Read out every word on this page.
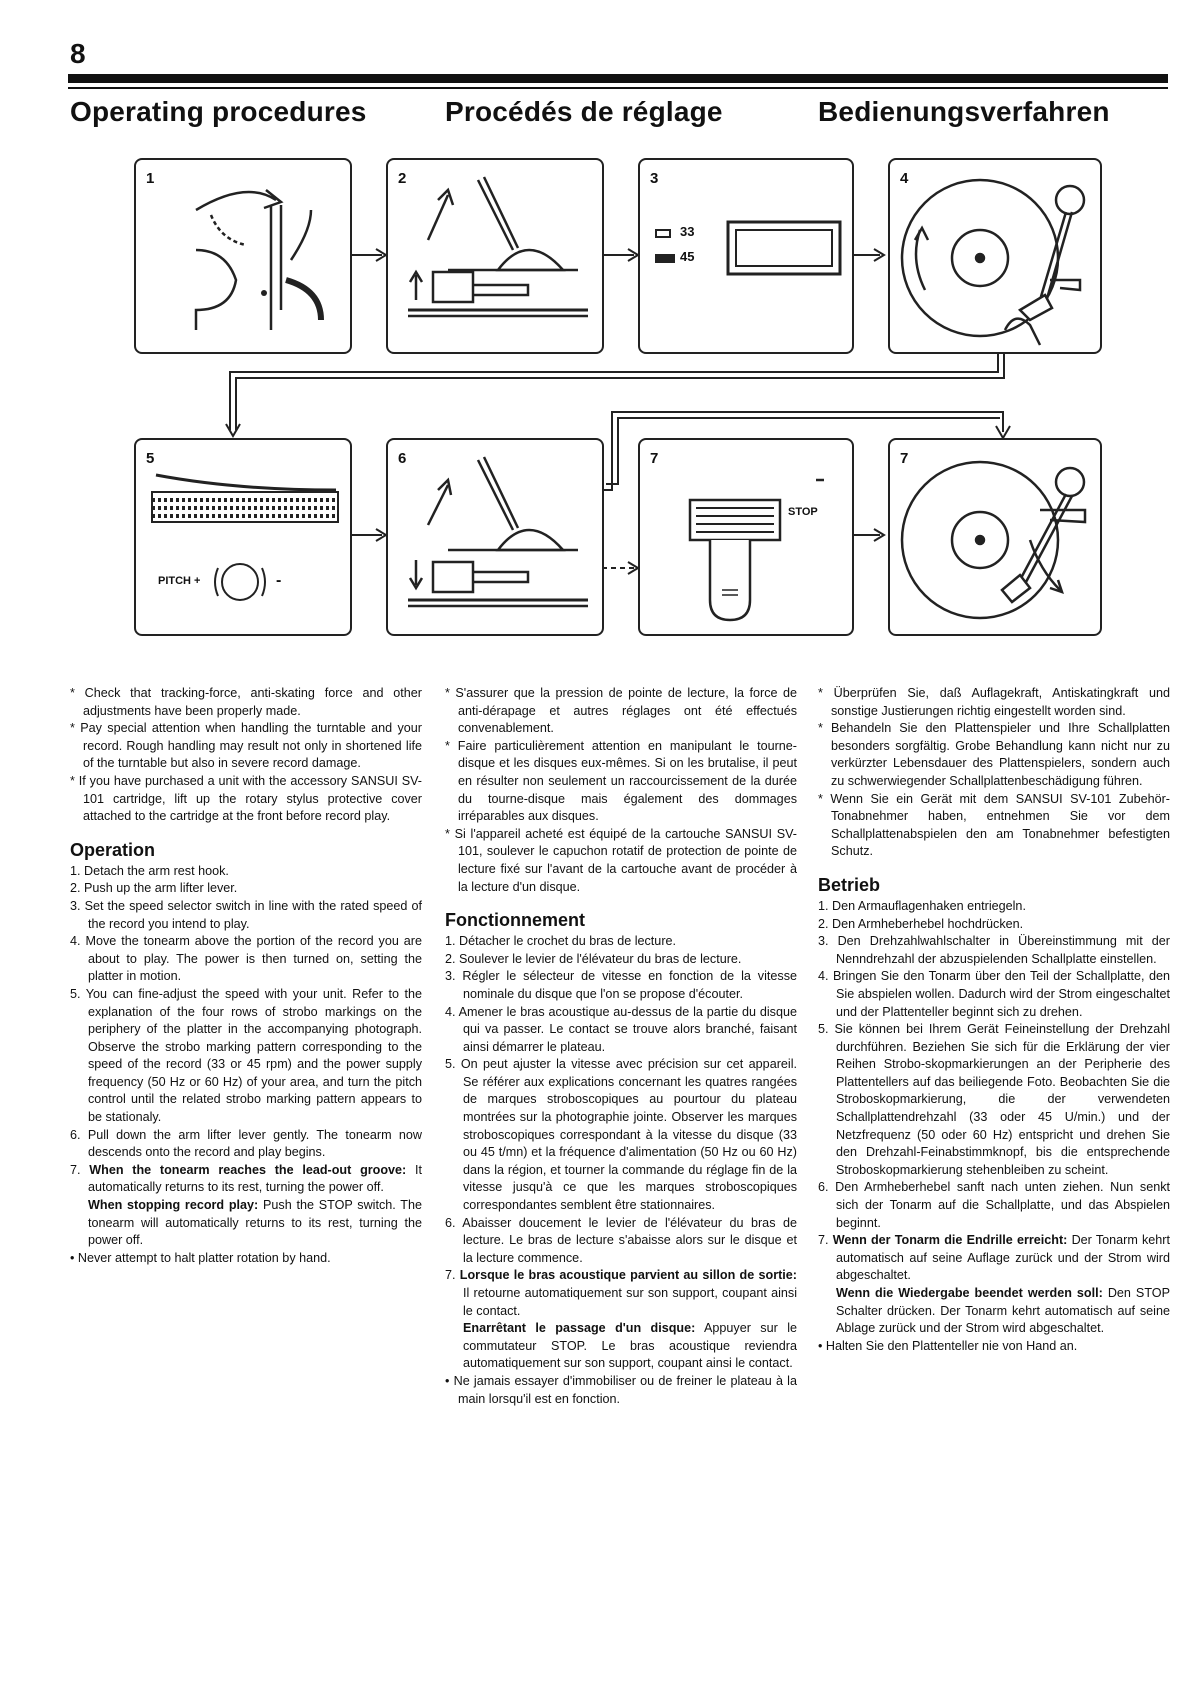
8
Operating procedures	Procédés de réglage	Bedienungsverfahren
1	2	3
33
45
4
5
PITCH +	-
6	7
STOP
7

* Check that tracking-force, anti-skating force and other adjustments have been properly made.

* Pay special attention when handling the turntable and your record. Rough handling may result not only in shortened life of the turntable but also in severe record damage.

* If you have purchased a unit with the accessory SANSUI SV-101 cartridge, lift up the rotary stylus protective cover attached to the cartridge at the front before record play.

Operation

1. Detach the arm rest hook.

2. Push up the arm lifter lever.

3. Set the speed selector switch in line with the rated speed of the record you intend to play.

4. Move the tonearm above the portion of the record you are about to play. The power is then turned on, setting the platter in motion.

5. You can fine-adjust the speed with your unit. Refer to the explanation of the four rows of strobo markings on the periphery of the platter in the accompanying photograph. Observe the strobo marking pattern corresponding to the speed of the record (33 or 45 rpm) and the power supply frequency (50 Hz or 60 Hz) of your area, and turn the pitch control until the related strobo marking pattern appears to be stationaly.

6. Pull down the arm lifter lever gently. The tonearm now descends onto the record and play begins.

7. When the tonearm reaches the lead-out groove: It automatically returns to its rest, turning the power off.

When stopping record play: Push the STOP switch. The tonearm will automatically returns to its rest, turning the power off.

• Never attempt to halt platter rotation by hand.

* S'assurer que la pression de pointe de lecture, la force de anti-dérapage et autres réglages ont été effectués convenablement.

* Faire particulièrement attention en manipulant le tourne-disque et les disques eux-mêmes. Si on les brutalise, il peut en résulter non seulement un raccourcissement de la durée du tourne-disque mais également des dommages irréparables aux disques.

* Si l'appareil acheté est équipé de la cartouche SANSUI SV-101, soulever le capuchon rotatif de protection de pointe de lecture fixé sur l'avant de la cartouche avant de procéder à la lecture d'un disque.

Fonctionnement

1. Détacher le crochet du bras de lecture.

2. Soulever le levier de l'élévateur du bras de lecture.

3. Régler le sélecteur de vitesse en fonction de la vitesse nominale du disque que l'on se propose d'écouter.

4. Amener le bras acoustique au-dessus de la partie du disque qui va passer. Le contact se trouve alors branché, faisant ainsi démarrer le plateau.

5. On peut ajuster la vitesse avec précision sur cet appareil. Se référer aux explications concernant les quatres rangées de marques stroboscopiques au pourtour du plateau montrées sur la photographie jointe. Observer les marques stroboscopiques correspondant à la vitesse du disque (33 ou 45 t/mn) et la fréquence d'alimentation (50 Hz ou 60 Hz) dans la région, et tourner la commande du réglage fin de la vitesse jusqu'à ce que les marques stroboscopiques correspondantes semblent être stationnaires.

6. Abaisser doucement le levier de l'élévateur du bras de lecture. Le bras de lecture s'abaisse alors sur le disque et la lecture commence.

7. Lorsque le bras acoustique parvient au sillon de sortie: Il retourne automatiquement sur son support, coupant ainsi le contact.

Enarrêtant le passage d'un disque: Appuyer sur le commutateur STOP. Le bras acoustique reviendra automatiquement sur son support, coupant ainsi le contact.

• Ne jamais essayer d'immobiliser ou de freiner le plateau à la main lorsqu'il est en fonction.

* Überprüfen Sie, daß Auflagekraft, Antiskatingkraft und sonstige Justierungen richtig eingestellt worden sind.

* Behandeln Sie den Plattenspieler und Ihre Schallplatten besonders sorgfältig. Grobe Behandlung kann nicht nur zu verkürzter Lebensdauer des Plattenspielers, sondern auch zu schwerwiegender Schallplattenbeschädigung führen.

* Wenn Sie ein Gerät mit dem SANSUI SV-101 Zubehör-Tonabnehmer haben, entnehmen Sie vor dem Schallplattenabspielen den am Tonabnehmer befestigten Schutz.

Betrieb

1. Den Armauflagenhaken entriegeln.

2. Den Armheberhebel hochdrücken.

3. Den Drehzahlwahlschalter in Übereinstimmung mit der Nenndrehzahl der abzuspielenden Schallplatte einstellen.

4. Bringen Sie den Tonarm über den Teil der Schallplatte, den Sie abspielen wollen. Dadurch wird der Strom eingeschaltet und der Plattenteller beginnt sich zu drehen.

5. Sie können bei Ihrem Gerät Feineinstellung der Drehzahl durchführen. Beziehen Sie sich für die Erklärung der vier Reihen Strobo-skopmarkierungen an der Peripherie des Plattentellers auf das beiliegende Foto. Beobachten Sie die Stroboskopmarkierung, die der verwendeten Schallplattendrehzahl (33 oder 45 U/min.) und der Netzfrequenz (50 oder 60 Hz) entspricht und drehen Sie den Drehzahl-Feinabstimmknopf, bis die entsprechende Stroboskopmarkierung stehenbleiben zu scheint.

6. Den Armheberhebel sanft nach unten ziehen. Nun senkt sich der Tonarm auf die Schallplatte, und das Abspielen beginnt.

7. Wenn der Tonarm die Endrille erreicht: Der Tonarm kehrt automatisch auf seine Auflage zurück und der Strom wird abgeschaltet.

Wenn die Wiedergabe beendet werden soll: Den STOP Schalter drücken. Der Tonarm kehrt automatisch auf seine Ablage zurück und der Strom wird abgeschaltet.

• Halten Sie den Plattenteller nie von Hand an.
